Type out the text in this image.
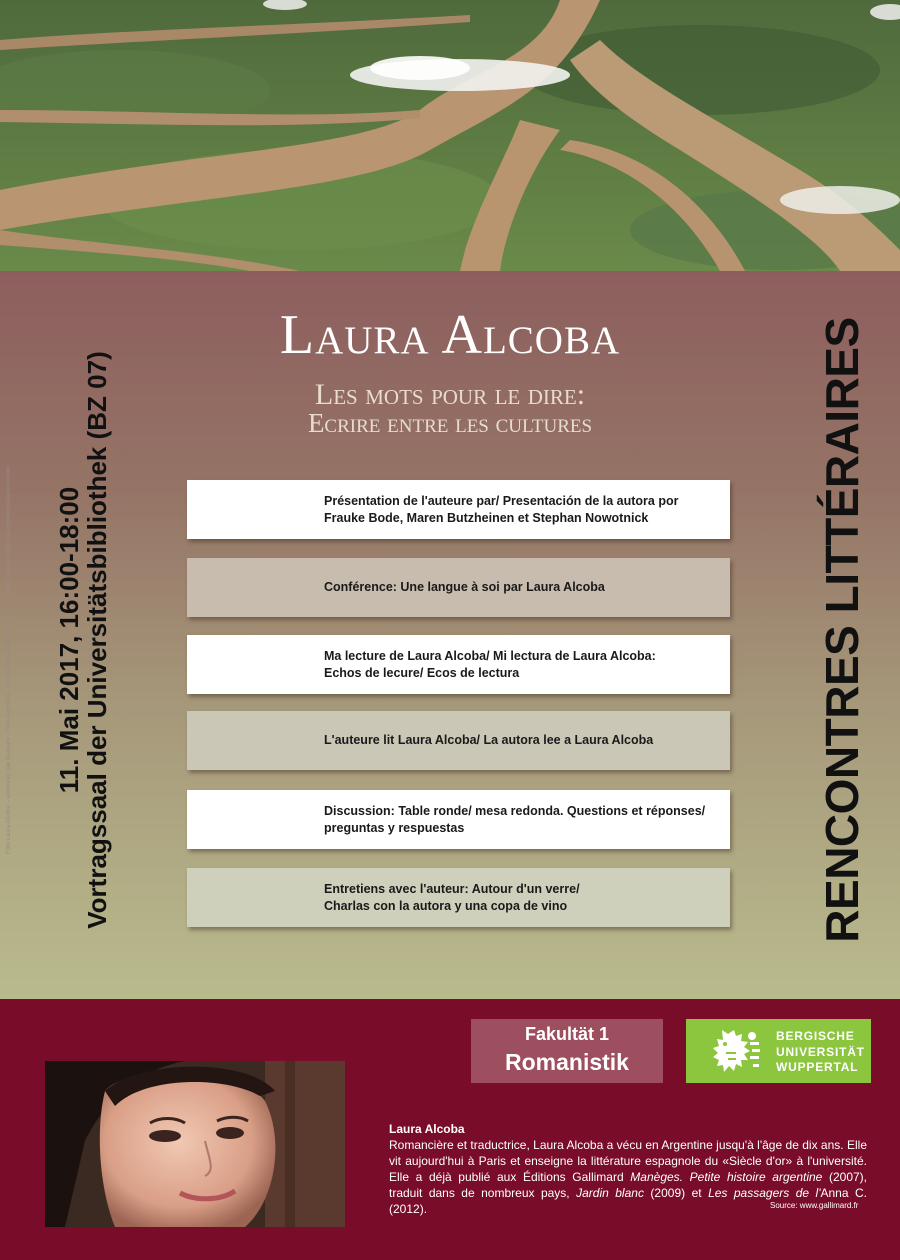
Laura Alcoba
Les mots pour le dire:
Ecrire entre les cultures
Présentation de l'auteure par/ Presentación de la autora por
Frauke Bode, Maren Butzheinen et Stephan Nowotnick
Conférence: Une langue à soi par Laura Alcoba
Ma lecture de Laura Alcoba/ Mi lectura de Laura Alcoba:
Echos de lecure/ Ecos de lectura
L'auteure lit Laura Alcoba/ La autora lee a Laura Alcoba
Discussion: Table ronde/ mesa redonda. Questions et réponses/
preguntas y respuestas
Entretiens avec l'auteur: Autour d'un verre/
Charlas con la autora y una copa de vino
11. Mai 2017, 16:00-18:00
Vortragssaal der Universitätsbibliothek (BZ 07)	RENCONTRES LITTÉRAIRES
Foto Laura Alcoba – autorisiert par l'auteure · Foto Argentina · Paraná Delta Creative Commons · https://upload.wikimedia.org/wikipedia/commons
Fakultät 1
Romanistik
BERGISCHE
UNIVERSITÄT
WUPPERTAL
Laura Alcoba
Romancière et traductrice, Laura Alcoba a vécu en Argentine jusqu'à l'âge de dix ans. Elle vit aujourd'hui à Paris et enseigne la littérature espagnole du «Siècle d'or» à l'université. Elle a déjà publié aux Éditions Gallimard Manèges. Petite histoire argentine (2007), traduit dans de nombreux pays, Jardin blanc (2009) et Les passagers de l'Anna C. (2012).	Source: www.gallimard.fr
